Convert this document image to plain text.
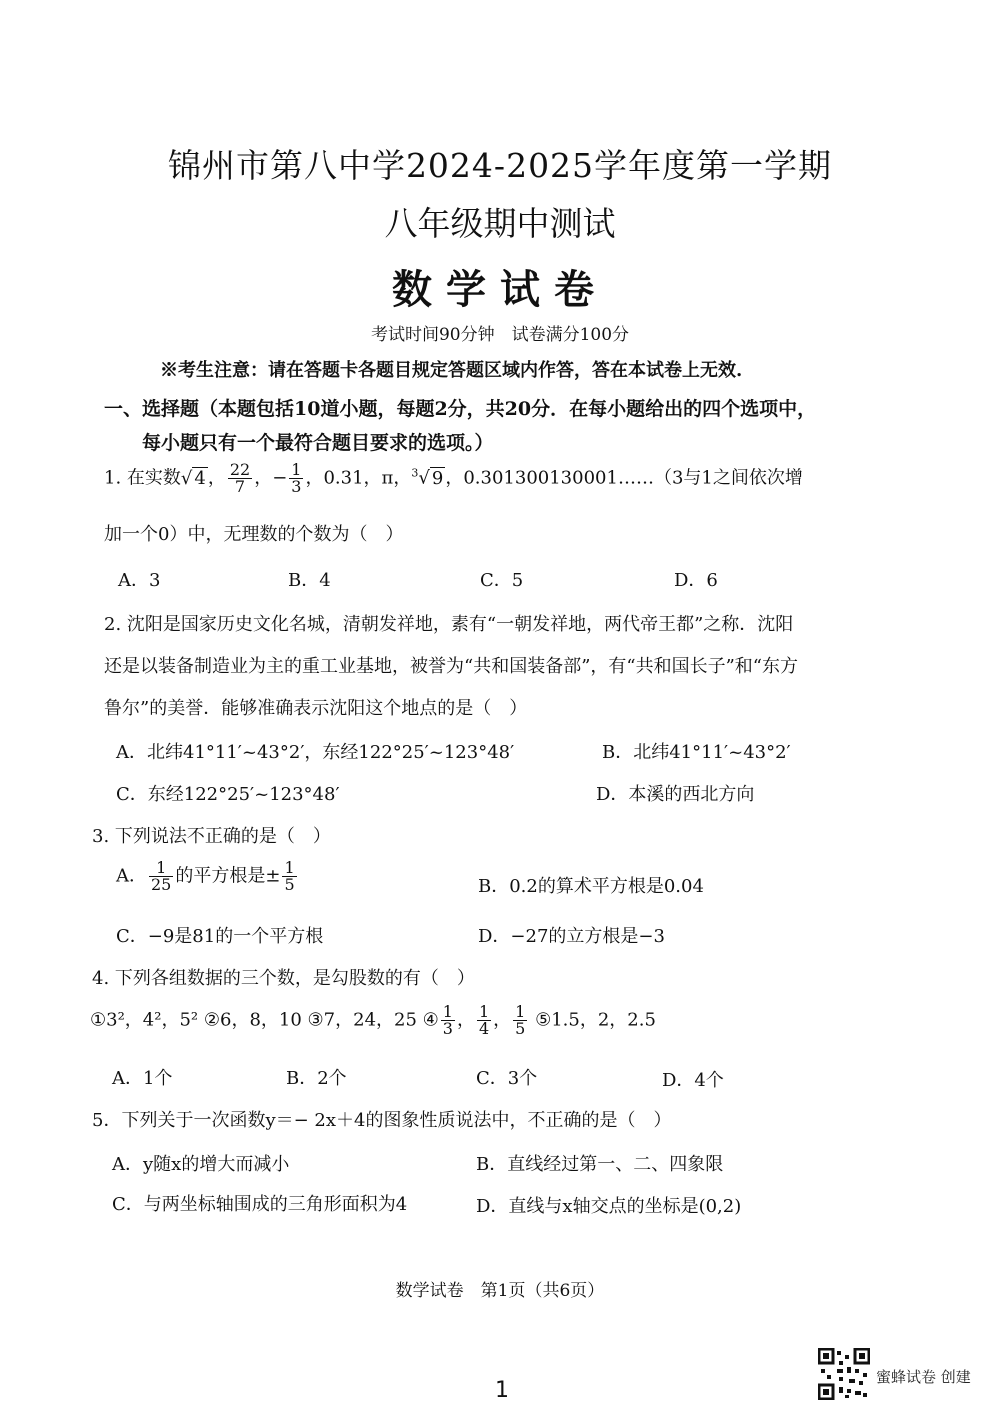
锦州市第八中学2024-2025学年度第一学期
八年级期中测试
数学试卷
考试时间90分钟　试卷满分100分
※考生注意：请在答题卡各题目规定答题区域内作答，答在本试卷上无效.
一、选择题（本题包括10道小题，每题2分，共20分．在每小题给出的四个选项中，
每小题只有一个最符合题目要求的选项。）
1. 在实数√ 4 ， $\frac{22}{7}$ ，− $\frac{1}{3}$ ，0.31，π，$^3$√ 9 ，0.301300130001……（3与1之间依次增
加一个0）中，无理数的个数为（　）
A．3	B．4	C．5	D．6
2. 沈阳是国家历史文化名城，清朝发祥地，素有“一朝发祥地，两代帝王都”之称．沈阳
还是以装备制造业为主的重工业基地，被誉为“共和国装备部”，有“共和国长子”和“东方
鲁尔”的美誉．能够准确表示沈阳这个地点的是（　）
A．北纬41°11′~43°2′，东经122°25′~123°48′	B．北纬41°11′~43°2′
C．东经122°25′~123°48′	D．本溪的西北方向
3. 下列说法不正确的是（　）
A． $\frac{1}{25}$ 的平方根是± $\frac{1}{5}$	B．0.2的算术平方根是0.04
C．−9是81的一个平方根	D．−27的立方根是−3
4. 下列各组数据的三个数，是勾股数的有（　）
①3²，4²，5² ②6，8，10 ③7，24，25 ④ $\frac{1}{3}$ ， $\frac{1}{4}$ ， $\frac{1}{5}$ ⑤1.5，2，2.5
A．1个	B．2个	C．3个	D．4个
5．下列关于一次函数y＝− 2x＋4的图象性质说法中，不正确的是（　）
A．y随x的增大而减小	B．直线经过第一、二、四象限
C．与两坐标轴围成的三角形面积为4	D．直线与x轴交点的坐标是(0,2)
数学试卷　第1页（共6页）
1
蜜蜂试卷 创建
